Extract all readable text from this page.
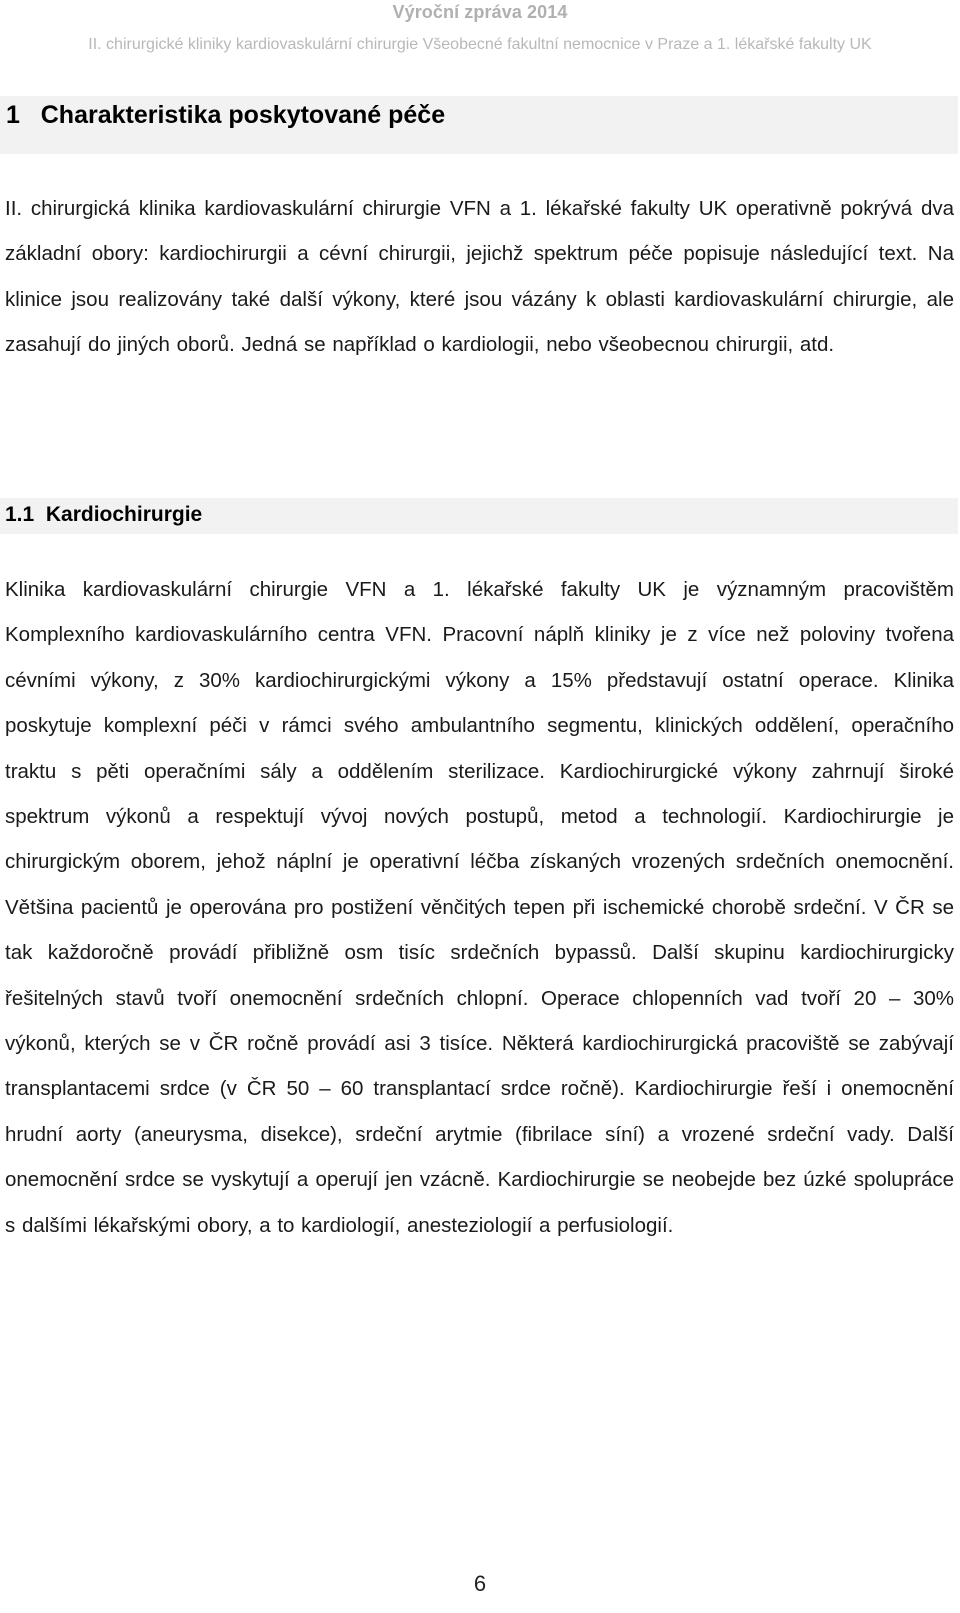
Výroční zpráva 2014
II. chirurgické kliniky kardiovaskulární chirurgie Všeobecné fakultní nemocnice v Praze a 1. lékařské fakulty UK
1   Charakteristika poskytované péče

II. chirurgická klinika kardiovaskulární chirurgie VFN a 1. lékařské fakulty UK operativně pokrývá dva základní obory: kardiochirurgii a cévní chirurgii, jejichž spektrum péče popisuje následující text. Na klinice jsou realizovány také další výkony, které jsou vázány k oblasti kardiovaskulární chirurgie, ale zasahují do jiných oborů. Jedná se například o kardiologii, nebo všeobecnou chirurgii, atd.

1.1  Kardiochirurgie

Klinika kardiovaskulární chirurgie VFN a 1. lékařské fakulty UK je významným pracovištěm Komplexního kardiovaskulárního centra VFN. Pracovní náplň kliniky je z více než poloviny tvořena cévními výkony, z 30% kardiochirurgickými výkony a 15% představují ostatní operace. Klinika poskytuje komplexní péči v rámci svého ambulantního segmentu, klinických oddělení, operačního traktu s pěti operačními sály a oddělením sterilizace. Kardiochirurgické výkony zahrnují široké spektrum výkonů a respektují vývoj nových postupů, metod a technologií. Kardiochirurgie je chirurgickým oborem, jehož náplní je operativní léčba získaných vrozených srdečních onemocnění. Většina pacientů je operována pro postižení věnčitých tepen při ischemické chorobě srdeční. V ČR se tak každoročně provádí přibližně osm tisíc srdečních bypassů. Další skupinu kardiochirurgicky řešitelných stavů tvoří onemocnění srdečních chlopní. Operace chlopenních vad tvoří 20 – 30% výkonů, kterých se v ČR ročně provádí asi 3 tisíce. Některá kardiochirurgická pracoviště se zabývají transplantacemi srdce (v ČR 50 – 60 transplantací srdce ročně). Kardiochirurgie řeší i onemocnění hrudní aorty (aneurysma, disekce), srdeční arytmie (fibrilace síní) a vrozené srdeční vady. Další onemocnění srdce se vyskytují a operují jen vzácně. Kardiochirurgie se neobejde bez úzké spolupráce s dalšími lékařskými obory, a to kardiologií, anesteziologií a perfusiologií.

6
